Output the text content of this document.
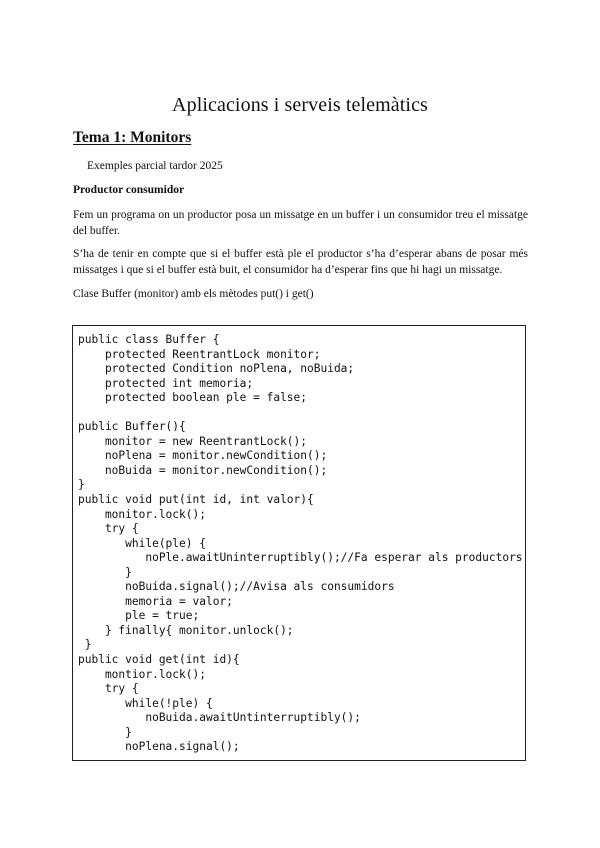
Aplicacions i serveis telemàtics
Tema 1: Monitors

Exemples parcial tardor 2025

Productor consumidor

Fem un programa on un productor posa un missatge en un buffer i un consumidor treu el missatge del buffer.

S’ha de tenir en compte que si el buffer està ple el productor s’ha d’esperar abans de posar més missatges i que si el buffer està buit, el consumidor ha d’esperar fins que hi hagi un missatge.

Clase Buffer (monitor) amb els mètodes put() i get()

public class Buffer {
protected ReentrantLock monitor;
protected Condition noPlena, noBuida;
protected int memoria;
protected boolean ple = false;

public Buffer(){
monitor = new ReentrantLock();
noPlena = monitor.newCondition();
noBuida = monitor.newCondition();
}
public void put(int id, int valor){
monitor.lock();
try {
while(ple) {
noPle.awaitUninterruptibly();//Fa esperar als productors
}
noBuida.signal();//Avisa als consumidors
memoria = valor;
ple = true;
} finally{ monitor.unlock();
}
public void get(int id){
montior.lock();
try {
while(!ple) {
noBuida.awaitUntinterruptibly();
}
noPlena.signal();
